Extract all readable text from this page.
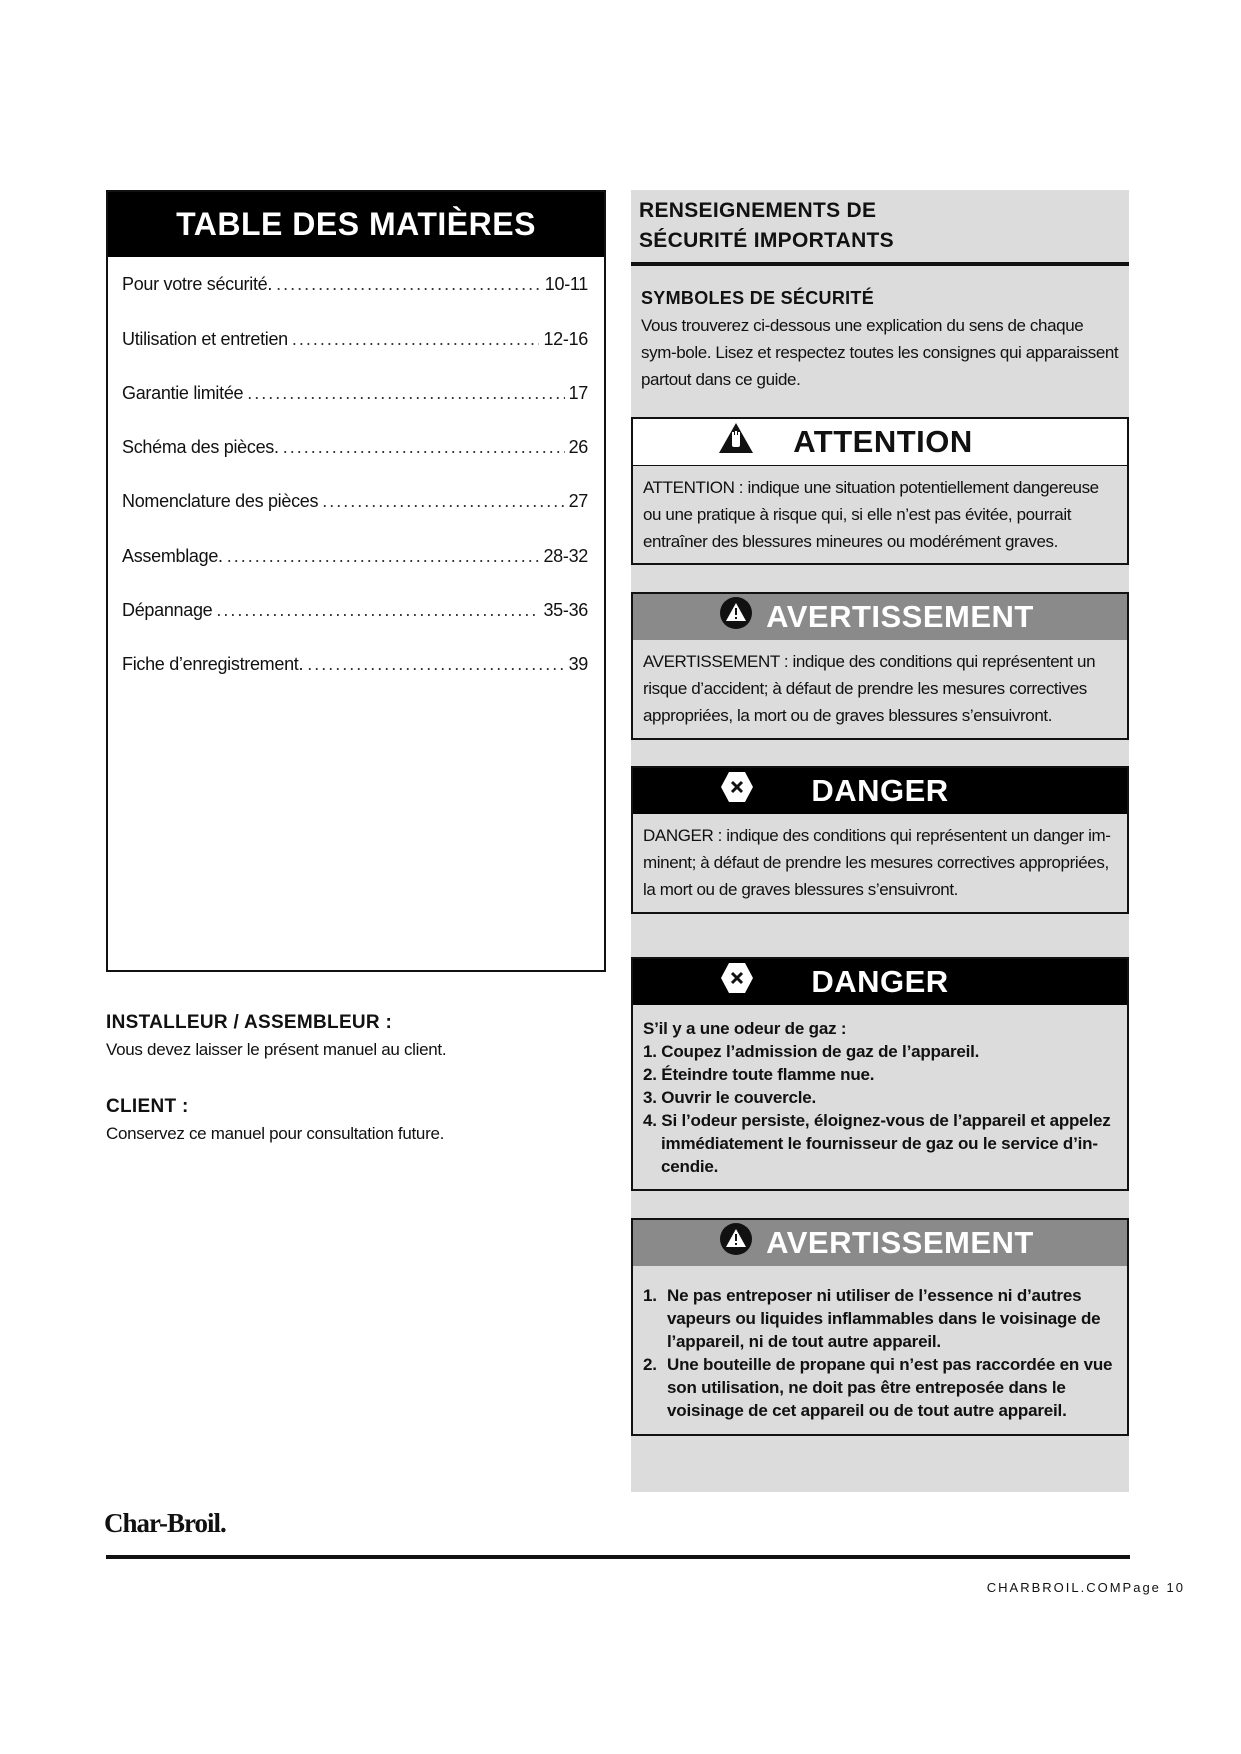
TABLE DES MATIÈRES
Pour votre sécurité. .....	10-11
Utilisation et entretien .....	12-16
Garantie limitée .....	17
Schéma des pièces. .....	26
Nomenclature des pièces .....	27
Assemblage. .....	28-32
Dépannage .....	35-36
Fiche d’enregistrement. .....	39
INSTALLEUR / ASSEMBLEUR :
Vous devez laisser le présent manuel au client.
CLIENT :
Conservez ce manuel pour consultation future.
RENSEIGNEMENTS DE
SÉCURITÉ IMPORTANTS
SYMBOLES DE SÉCURITÉ
Vous trouverez ci-dessous une explication du sens de chaque sym-bole. Lisez et respectez toutes les consignes qui apparaissent partout dans ce guide.
ATTENTION
ATTENTION : indique une situation potentiellement dangereuse ou une pratique à risque qui, si elle n’est pas évitée, pourrait entraîner des blessures mineures ou modérément graves.
AVERTISSEMENT
AVERTISSEMENT : indique des conditions qui représentent un risque d’accident; à défaut de prendre les mesures correctives appropriées, la mort ou de graves blessures s’ensuivront.
DANGER
DANGER : indique des conditions qui représentent un danger im-minent; à défaut de prendre les mesures correctives appropriées, la mort ou de graves blessures s’ensuivront.
DANGER
S’il y a une odeur de gaz :
1. Coupez l’admission de gaz de l’appareil.
2. Éteindre toute flamme nue.
3. Ouvrir le couvercle.
4. Si l’odeur persiste, éloignez-vous de l’appareil et appelez
immédiatement le fournisseur de gaz ou le service d’in-
cendie.
AVERTISSEMENT
1. Ne pas entreposer ni utiliser de l’essence ni d’autres vapeurs ou liquides inflammables dans le voisinage de l’appareil, ni de tout autre appareil.
2. Une bouteille de propane qui n’est pas raccordée en vue son utilisation, ne doit pas être entreposée dans le voisinage de cet appareil ou de tout autre appareil.
Char-Broil.
CHARBROIL.COMPage 10
